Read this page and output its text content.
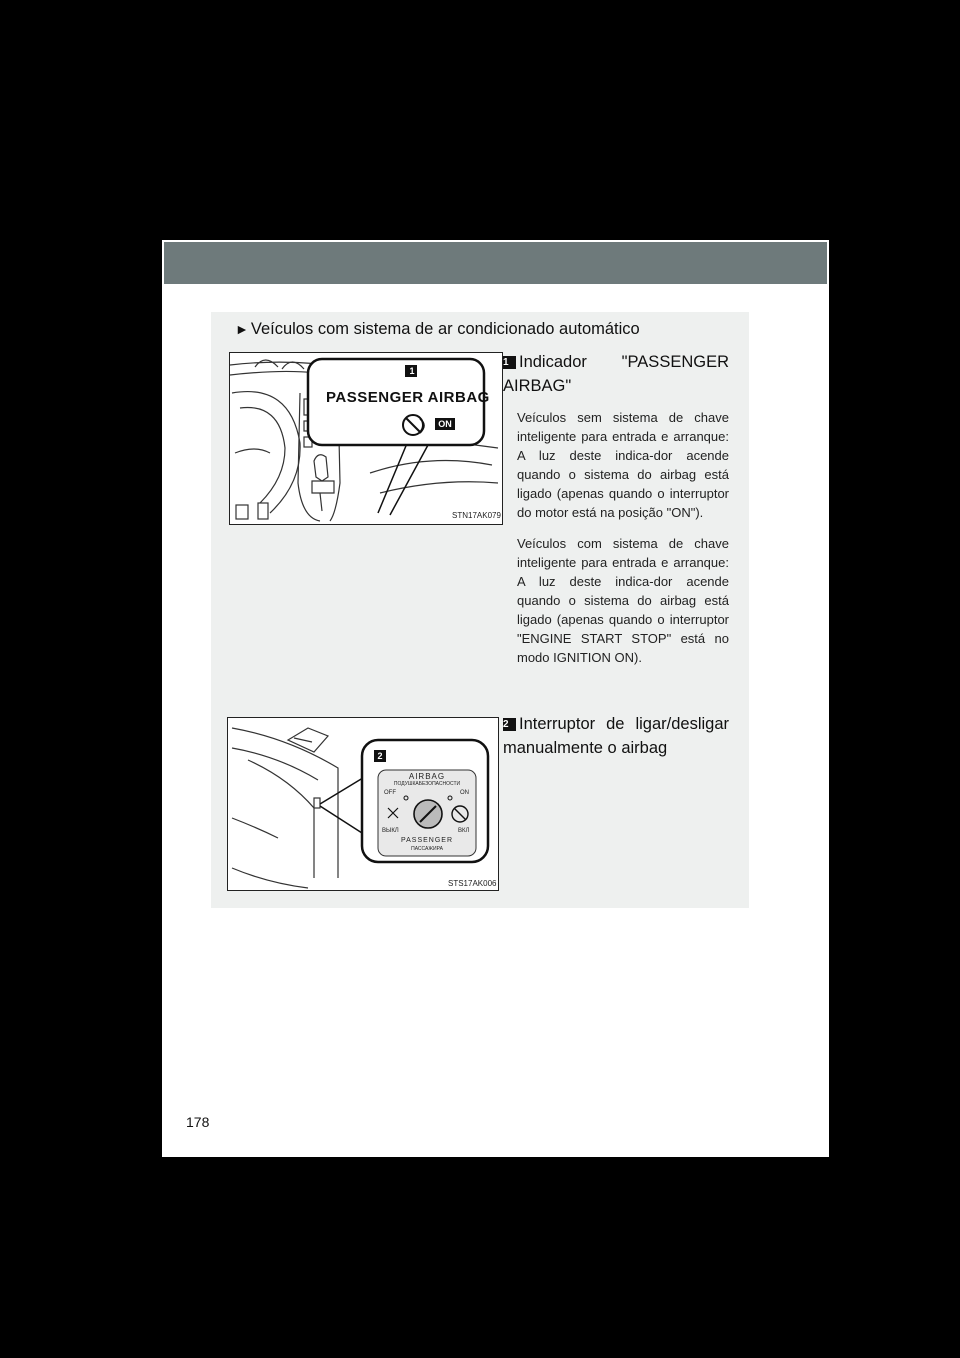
► Veículos com sistema de ar condicionado automático
1
PASSENGER AIRBAG
ON
STN17AK079
2
AIRBAG
ПОДУШКАБЕЗОПАСНОСТИ
OFF	ON
ВЫКЛ	ВКЛ
PASSENGER
ПАССАЖИРА
STS17AK006
1 Indicador "PASSENGER AIRBAG"

Veículos sem sistema de chave inteligente para entrada e arranque: A luz deste indica-dor acende quando o sistema do airbag está ligado (apenas quando o interruptor do motor está na posição "ON").

Veículos com sistema de chave inteligente para entrada e arranque: A luz deste indica-dor acende quando o sistema do airbag está ligado (apenas quando o interruptor "ENGINE START STOP" está no modo IGNITION ON).

2 Interruptor de ligar/desligar manualmente o airbag
178
